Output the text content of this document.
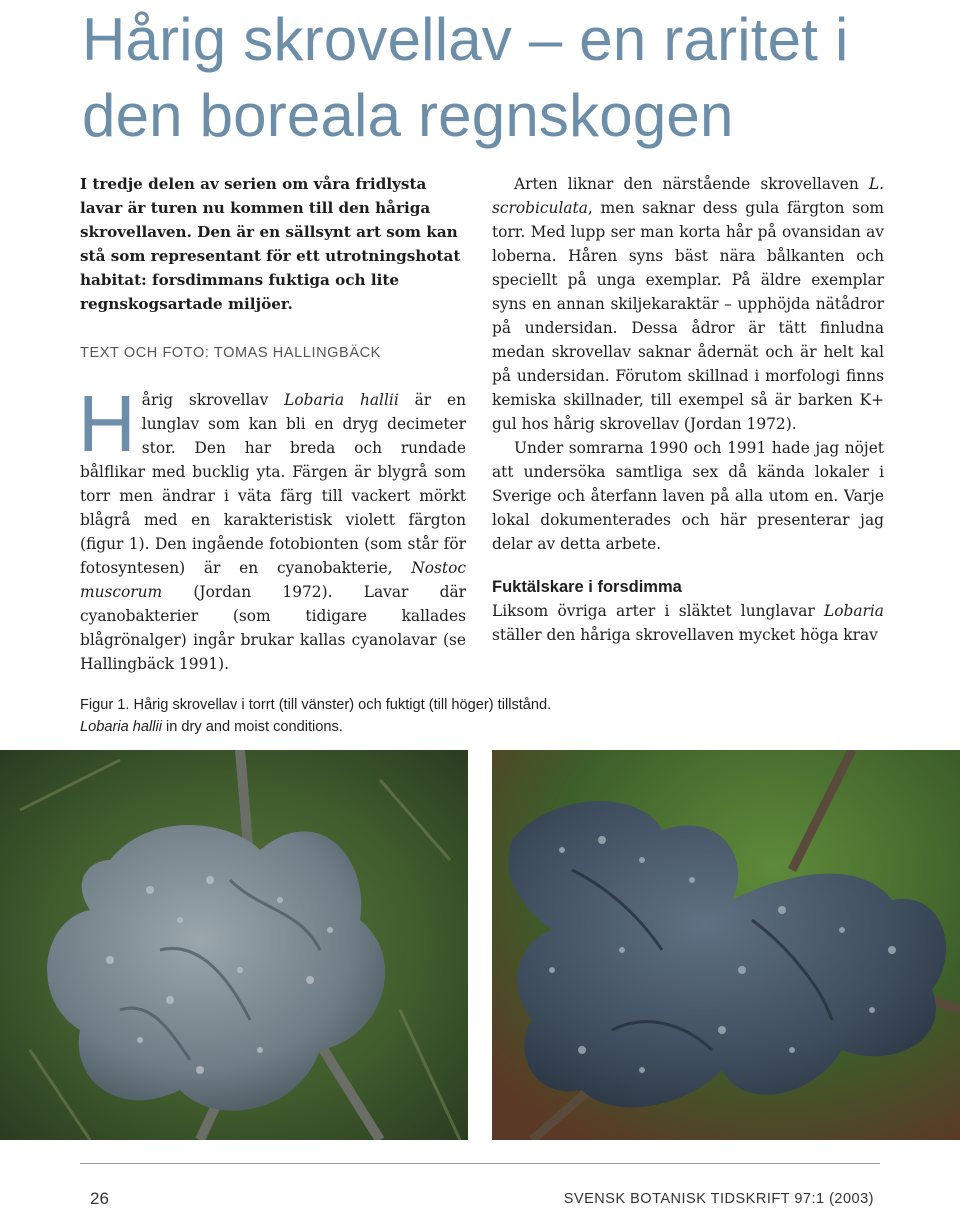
Hårig skrovellav – en raritet i
den boreala regnskogen

I tredje delen av serien om våra fridlysta lavar är turen nu kommen till den håriga skrovellaven. Den är en sällsynt art som kan stå som representant för ett utrotningshotat habitat: forsdimmans fuktiga och lite regnskogsartade miljöer.

TEXT OCH FOTO: TOMAS HALLINGBÄCK

Hårig skrovellav Lobaria hallii är en lunglav som kan bli en dryg decimeter stor. Den har breda och rundade bålflikar med bucklig yta. Färgen är blygrå som torr men ändrar i väta färg till vackert mörkt blågrå med en karakteristisk violett färgton (figur 1). Den ingående fotobionten (som står för fotosyntesen) är en cyanobakterie, Nostoc muscorum (Jordan 1972). Lavar där cyanobakterier (som tidigare kallades blågrönalger) ingår brukar kallas cyanolavar (se Hallingbäck 1991).

Arten liknar den närstående skrovellaven L. scrobiculata, men saknar dess gula färgton som torr. Med lupp ser man korta hår på ovansidan av loberna. Håren syns bäst nära bålkanten och speciellt på unga exemplar. På äldre exemplar syns en annan skiljekaraktär – upphöjda nätådror på undersidan. Dessa ådror är tätt finludna medan skrovellav saknar ådernät och är helt kal på undersidan. Förutom skillnad i morfologi finns kemiska skillnader, till exempel så är barken K+ gul hos hårig skrovellav (Jordan 1972).

Under somrarna 1990 och 1991 hade jag nöjet att undersöka samtliga sex då kända lokaler i Sverige och återfann laven på alla utom en. Varje lokal dokumenterades och här presenterar jag delar av detta arbete.

Fuktälskare i forsdimma

Liksom övriga arter i släktet lunglavar Lobaria ställer den håriga skrovellaven mycket höga krav

Figur 1. Hårig skrovellav i torrt (till vänster) och fuktigt (till höger) tillstånd.
Lobaria hallii in dry and moist conditions.
26	SVENSK BOTANISK TIDSKRIFT 97:1 (2003)
